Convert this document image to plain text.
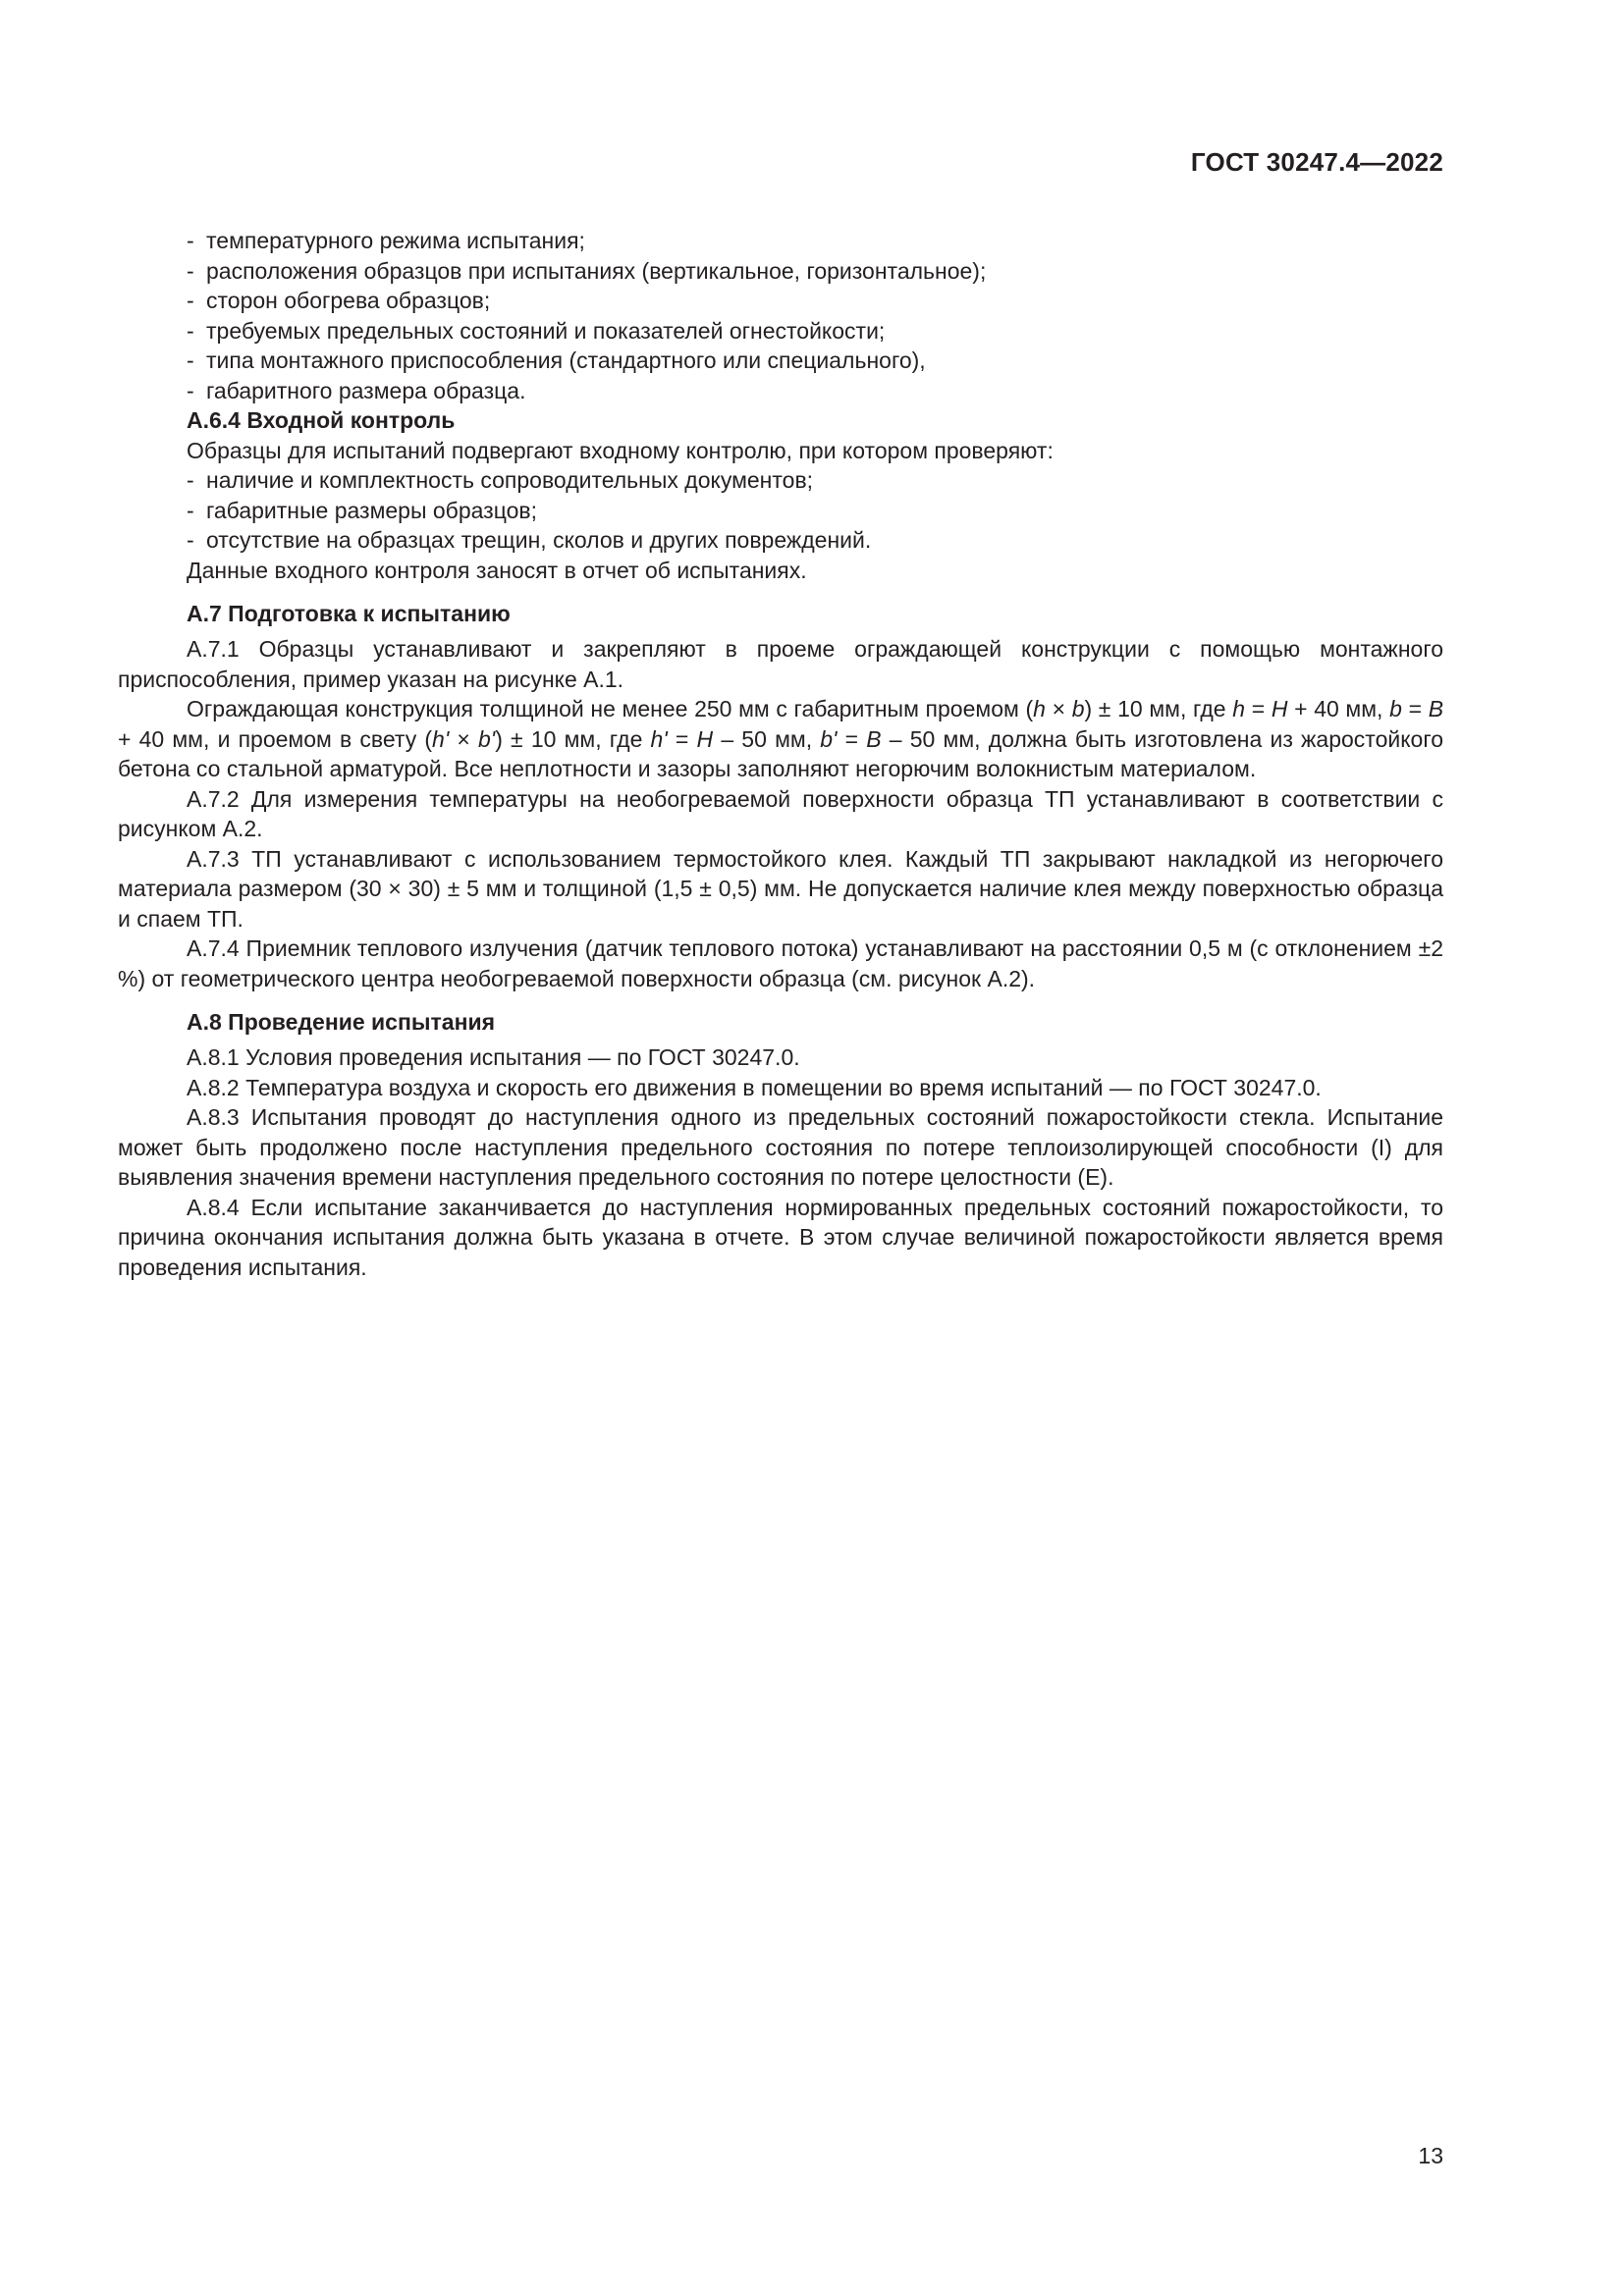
ГОСТ 30247.4—2022
- температурного режима испытания;
- расположения образцов при испытаниях (вертикальное, горизонтальное);
- сторон обогрева образцов;
- требуемых предельных состояний и показателей огнестойкости;
- типа монтажного приспособления (стандартного или специального),
- габаритного размера образца.
А.6.4 Входной контроль
Образцы для испытаний подвергают входному контролю, при котором проверяют:
- наличие и комплектность сопроводительных документов;
- габаритные размеры образцов;
- отсутствие на образцах трещин, сколов и других повреждений.
Данные входного контроля заносят в отчет об испытаниях.
А.7 Подготовка к испытанию

А.7.1 Образцы устанавливают и закрепляют в проеме ограждающей конструкции с помощью монтажного приспособления, пример указан на рисунке А.1.

Ограждающая конструкция толщиной не менее 250 мм с габаритным проемом (h × b) ± 10 мм, где h = H + 40 мм, b = B + 40 мм, и проемом в свету (h' × b') ± 10 мм, где h' = H – 50 мм, b' = B – 50 мм, должна быть изготовлена из жаростойкого бетона со стальной арматурой. Все неплотности и зазоры заполняют негорючим волокнистым материалом.

А.7.2 Для измерения температуры на необогреваемой поверхности образца ТП устанавливают в соответствии с рисунком А.2.

А.7.3 ТП устанавливают с использованием термостойкого клея. Каждый ТП закрывают накладкой из негорючего материала размером (30 × 30) ± 5 мм и толщиной (1,5 ± 0,5) мм. Не допускается наличие клея между поверхностью образца и спаем ТП.

А.7.4 Приемник теплового излучения (датчик теплового потока) устанавливают на расстоянии 0,5 м (с отклонением ±2 %) от геометрического центра необогреваемой поверхности образца (см. рисунок А.2).

А.8 Проведение испытания

А.8.1 Условия проведения испытания — по ГОСТ 30247.0.

А.8.2 Температура воздуха и скорость его движения в помещении во время испытаний — по ГОСТ 30247.0.

А.8.3 Испытания проводят до наступления одного из предельных состояний пожаростойкости стекла. Испытание может быть продолжено после наступления предельного состояния по потере теплоизолирующей способности (I) для выявления значения времени наступления предельного состояния по потере целостности (Е).

А.8.4 Если испытание заканчивается до наступления нормированных предельных состояний пожаростойкости, то причина окончания испытания должна быть указана в отчете. В этом случае величиной пожаростойкости является время проведения испытания.

13
